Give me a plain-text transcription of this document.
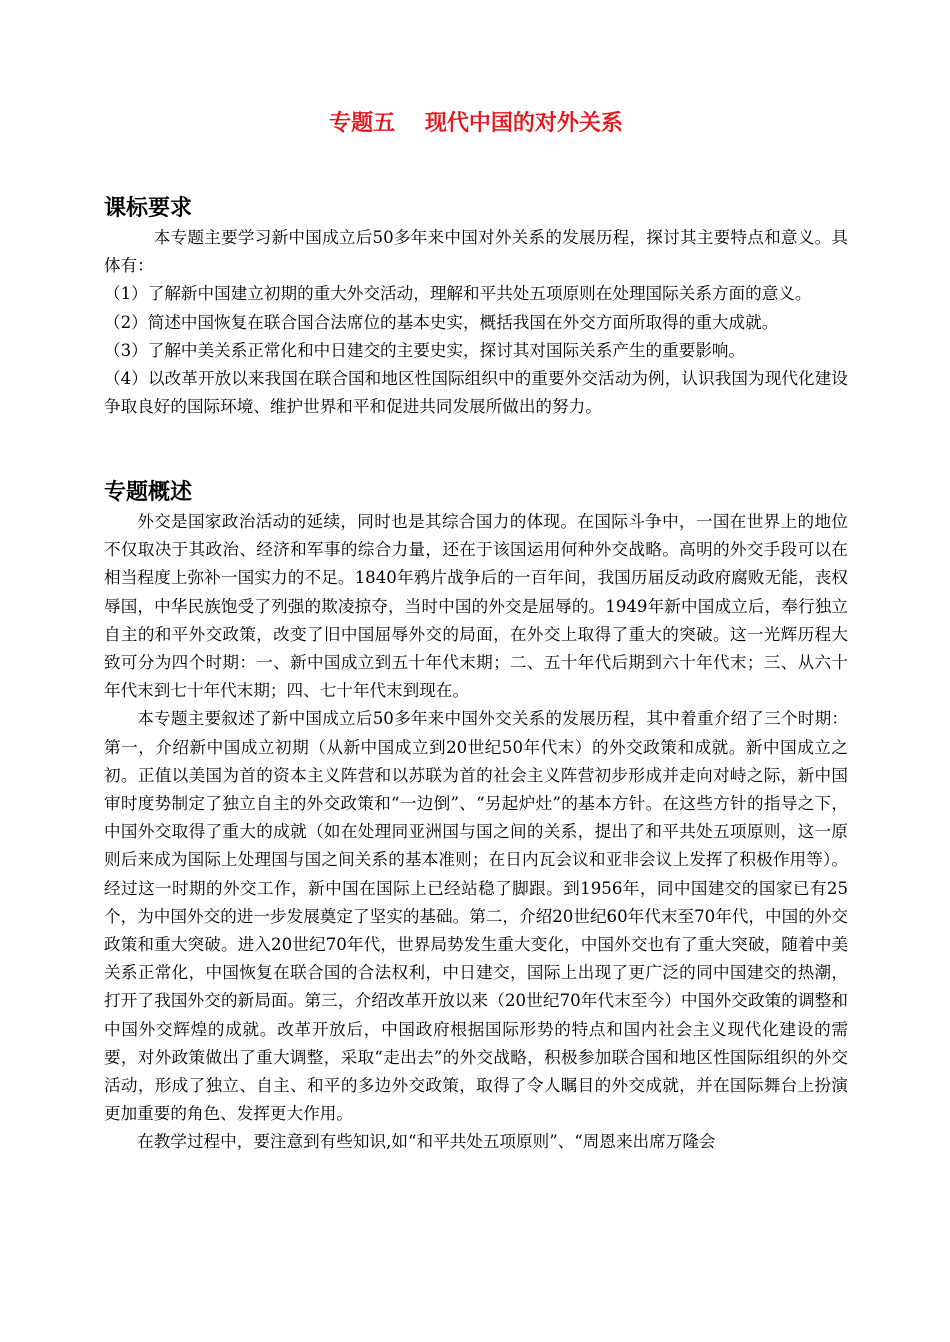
专题五　 现代中国的对外关系
课标要求

本专题主要学习新中国成立后50多年来中国对外关系的发展历程，探讨其主要特点和意义。具体有：

（1）了解新中国建立初期的重大外交活动，理解和平共处五项原则在处理国际关系方面的意义。

（2）简述中国恢复在联合国合法席位的基本史实，概括我国在外交方面所取得的重大成就。

（3）了解中美关系正常化和中日建交的主要史实，探讨其对国际关系产生的重要影响。

（4）以改革开放以来我国在联合国和地区性国际组织中的重要外交活动为例，认识我国为现代化建设争取良好的国际环境、维护世界和平和促进共同发展所做出的努力。

专题概述

外交是国家政治活动的延续，同时也是其综合国力的体现。在国际斗争中，一国在世界上的地位不仅取决于其政治、经济和军事的综合力量，还在于该国运用何种外交战略。高明的外交手段可以在相当程度上弥补一国实力的不足。1840年鸦片战争后的一百年间，我国历届反动政府腐败无能，丧权辱国，中华民族饱受了列强的欺凌掠夺，当时中国的外交是屈辱的。1949年新中国成立后，奉行独立自主的和平外交政策，改变了旧中国屈辱外交的局面，在外交上取得了重大的突破。这一光辉历程大致可分为四个时期：一、新中国成立到五十年代末期；二、五十年代后期到六十年代末；三、从六十年代末到七十年代末期；四、七十年代末到现在。

本专题主要叙述了新中国成立后50多年来中国外交关系的发展历程，其中着重介绍了三个时期：第一，介绍新中国成立初期（从新中国成立到20世纪50年代末）的外交政策和成就。新中国成立之初。正值以美国为首的资本主义阵营和以苏联为首的社会主义阵营初步形成并走向对峙之际，新中国审时度势制定了独立自主的外交政策和“一边倒”、“另起炉灶”的基本方针。在这些方针的指导之下，中国外交取得了重大的成就（如在处理同亚洲国与国之间的关系，提出了和平共处五项原则，这一原则后来成为国际上处理国与国之间关系的基本准则；在日内瓦会议和亚非会议上发挥了积极作用等）。经过这一时期的外交工作，新中国在国际上已经站稳了脚跟。到1956年，同中国建交的国家已有25个，为中国外交的进一步发展奠定了坚实的基础。第二，介绍20世纪60年代末至70年代，中国的外交政策和重大突破。进入20世纪70年代，世界局势发生重大变化，中国外交也有了重大突破，随着中美关系正常化，中国恢复在联合国的合法权利，中日建交，国际上出现了更广泛的同中国建交的热潮，打开了我国外交的新局面。第三，介绍改革开放以来（20世纪70年代末至今）中国外交政策的调整和中国外交辉煌的成就。改革开放后，中国政府根据国际形势的特点和国内社会主义现代化建设的需要，对外政策做出了重大调整，采取“走出去”的外交战略，积极参加联合国和地区性国际组织的外交活动，形成了独立、自主、和平的多边外交政策，取得了令人瞩目的外交成就，并在国际舞台上扮演更加重要的角色、发挥更大作用。

在教学过程中，要注意到有些知识,如“和平共处五项原则”、“周恩来出席万隆会
